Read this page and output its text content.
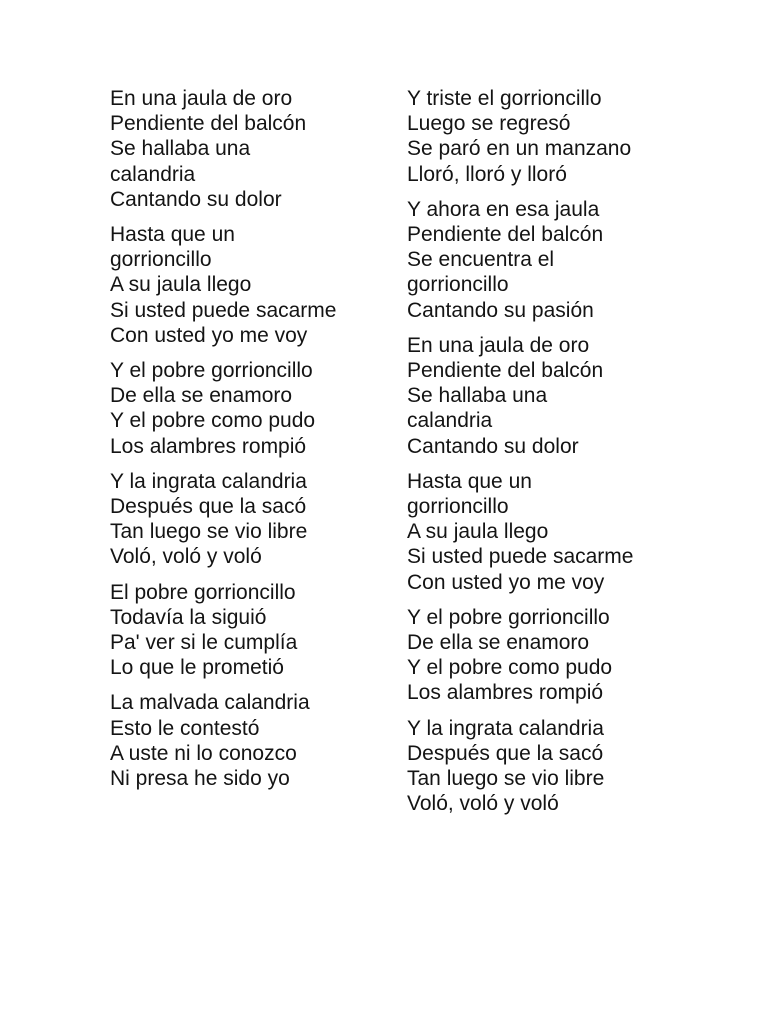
En una jaula de oro
Pendiente del balcón
Se hallaba una
calandria
Cantando su dolor
Hasta que un
gorrioncillo
A su jaula llego
Si usted puede sacarme
Con usted yo me voy
Y el pobre gorrioncillo
De ella se enamoro
Y el pobre como pudo
Los alambres rompió
Y la ingrata calandria
Después que la sacó
Tan luego se vio libre
Voló, voló y voló
El pobre gorrioncillo
Todavía la siguió
Pa' ver si le cumplía
Lo que le prometió
La malvada calandria
Esto le contestó
A uste ni lo conozco
Ni presa he sido yo
Y triste el gorrioncillo
Luego se regresó
Se paró en un manzano
Lloró, lloró y lloró
Y ahora en esa jaula
Pendiente del balcón
Se encuentra el
gorrioncillo
Cantando su pasión
En una jaula de oro
Pendiente del balcón
Se hallaba una
calandria
Cantando su dolor
Hasta que un
gorrioncillo
A su jaula llego
Si usted puede sacarme
Con usted yo me voy
Y el pobre gorrioncillo
De ella se enamoro
Y el pobre como pudo
Los alambres rompió
Y la ingrata calandria
Después que la sacó
Tan luego se vio libre
Voló, voló y voló
